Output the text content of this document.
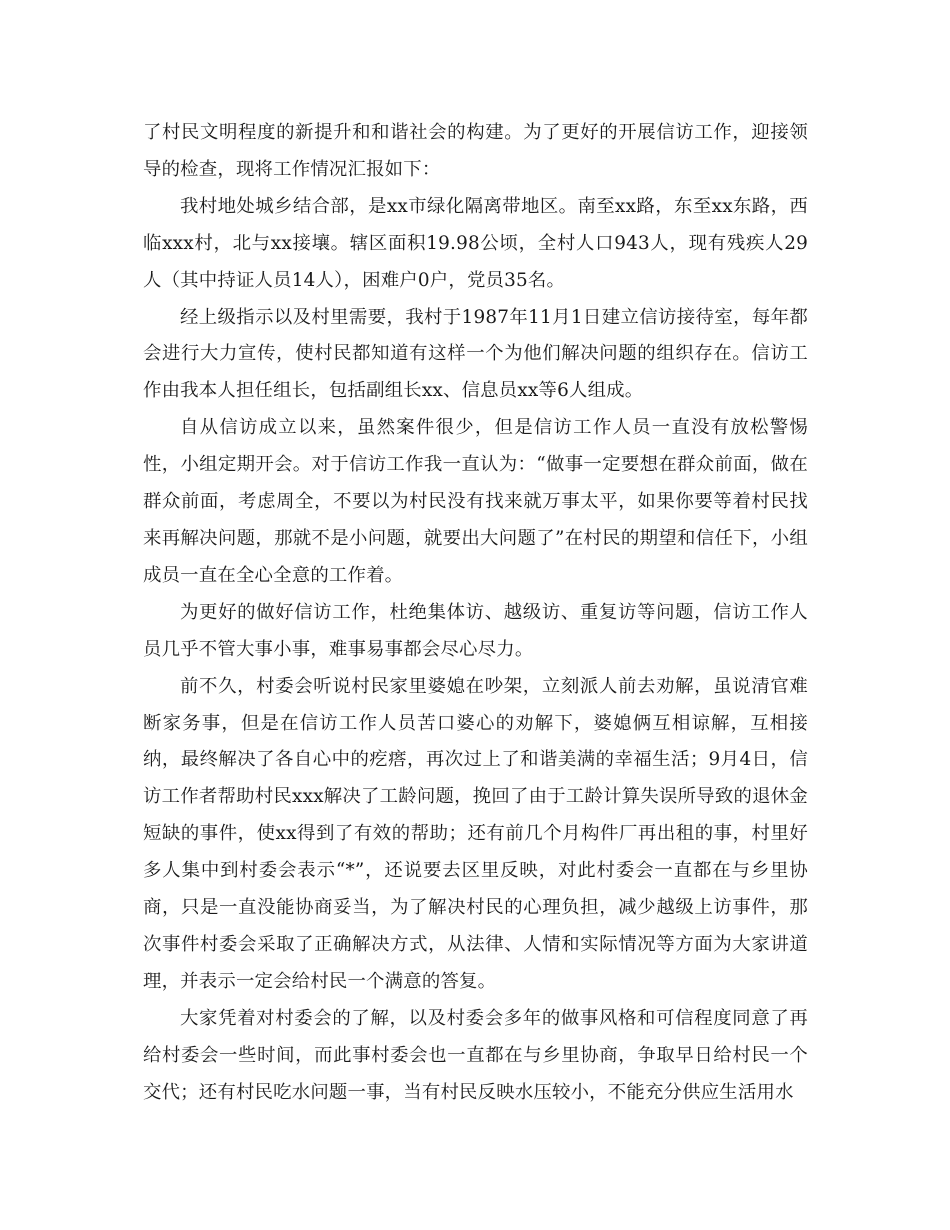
了村民文明程度的新提升和和谐社会的构建。为了更好的开展信访工作，迎接领导的检查，现将工作情况汇报如下：

我村地处城乡结合部，是xx市绿化隔离带地区。南至xx路，东至xx东路，西临xxx村，北与xx接壤。辖区面积19.98公顷，全村人口943人，现有残疾人29人（其中持证人员14人），困难户0户，党员35名。

经上级指示以及村里需要，我村于1987年11月1日建立信访接待室，每年都会进行大力宣传，使村民都知道有这样一个为他们解决问题的组织存在。信访工作由我本人担任组长，包括副组长xx、信息员xx等6人组成。

自从信访成立以来，虽然案件很少，但是信访工作人员一直没有放松警惕性，小组定期开会。对于信访工作我一直认为：“做事一定要想在群众前面，做在群众前面，考虑周全，不要以为村民没有找来就万事太平，如果你要等着村民找来再解决问题，那就不是小问题，就要出大问题了”在村民的期望和信任下，小组成员一直在全心全意的工作着。

为更好的做好信访工作，杜绝集体访、越级访、重复访等问题，信访工作人员几乎不管大事小事，难事易事都会尽心尽力。

前不久，村委会听说村民家里婆媳在吵架，立刻派人前去劝解，虽说清官难断家务事，但是在信访工作人员苦口婆心的劝解下，婆媳俩互相谅解，互相接纳，最终解决了各自心中的疙瘩，再次过上了和谐美满的幸福生活；9月4日，信访工作者帮助村民xxx解决了工龄问题，挽回了由于工龄计算失误所导致的退休金短缺的事件，使xx得到了有效的帮助；还有前几个月构件厂再出租的事，村里好多人集中到村委会表示“*”，还说要去区里反映，对此村委会一直都在与乡里协商，只是一直没能协商妥当，为了解决村民的心理负担，减少越级上访事件，那次事件村委会采取了正确解决方式，从法律、人情和实际情况等方面为大家讲道理，并表示一定会给村民一个满意的答复。

大家凭着对村委会的了解，以及村委会多年的做事风格和可信程度同意了再给村委会一些时间，而此事村委会也一直都在与乡里协商，争取早日给村民一个交代；还有村民吃水问题一事，当有村民反映水压较小，不能充分供应生活用水
